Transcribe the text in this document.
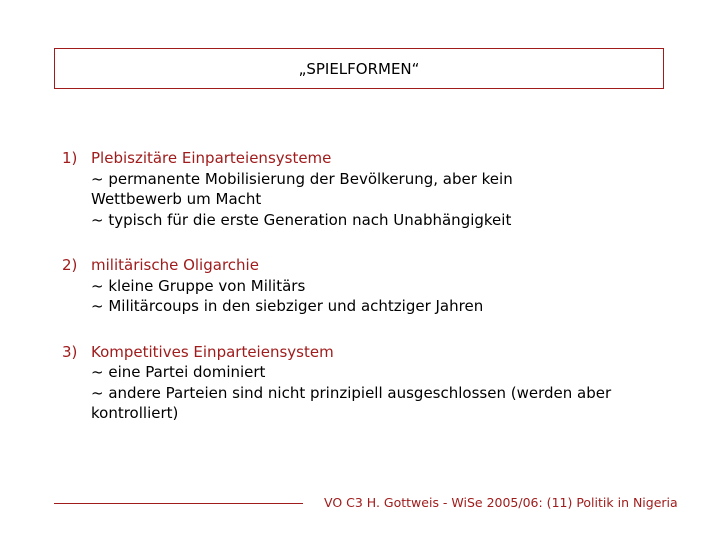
„SPIELFORMEN“
1) Plebiszitäre Einparteiensysteme
~ permanente Mobilisierung der Bevölkerung, aber kein Wettbewerb um Macht
~ typisch für die erste Generation nach Unabhängigkeit
2) militärische Oligarchie
~ kleine Gruppe von Militärs
~ Militärcoups in den siebziger und achtziger Jahren
3) Kompetitives Einparteiensystem
~ eine Partei dominiert
~ andere Parteien sind nicht prinzipiell ausgeschlossen (werden aber kontrolliert)
VO C3 H. Gottweis - WiSe 2005/06: (11) Politik in Nigeria
